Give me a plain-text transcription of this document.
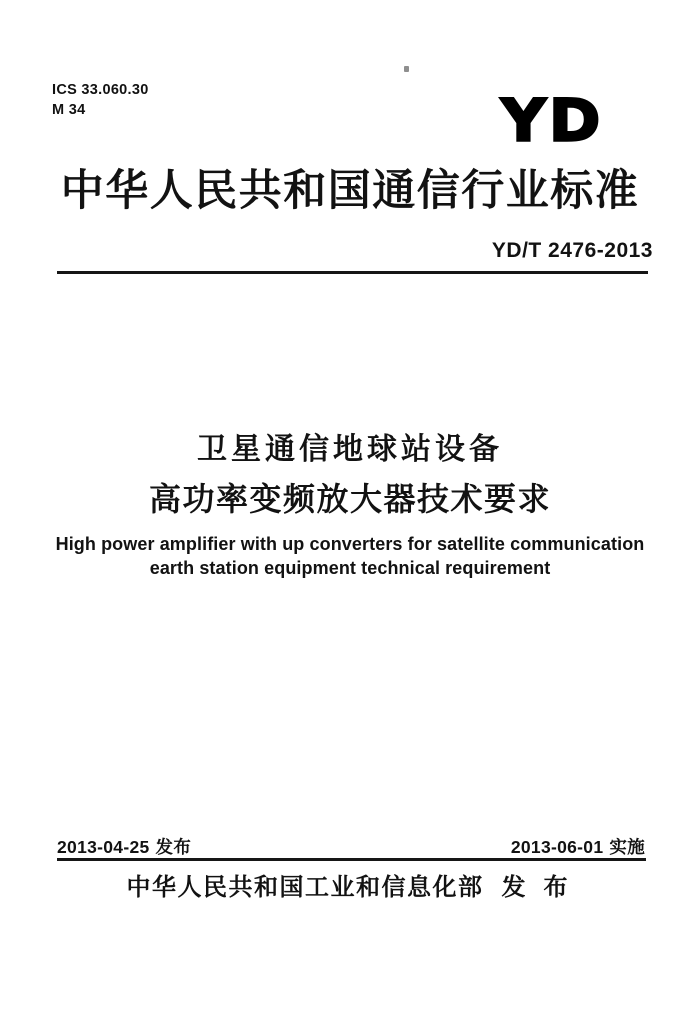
ICS 33.060.30
M 34	YD
中华人民共和国通信行业标准
YD/T 2476-2013
卫星通信地球站设备
高功率变频放大器技术要求
High power amplifier with up converters for satellite communication
earth station equipment technical requirement
2013-04-25 发布	2013-06-01 实施
中华人民共和国工业和信息化部 发 布
